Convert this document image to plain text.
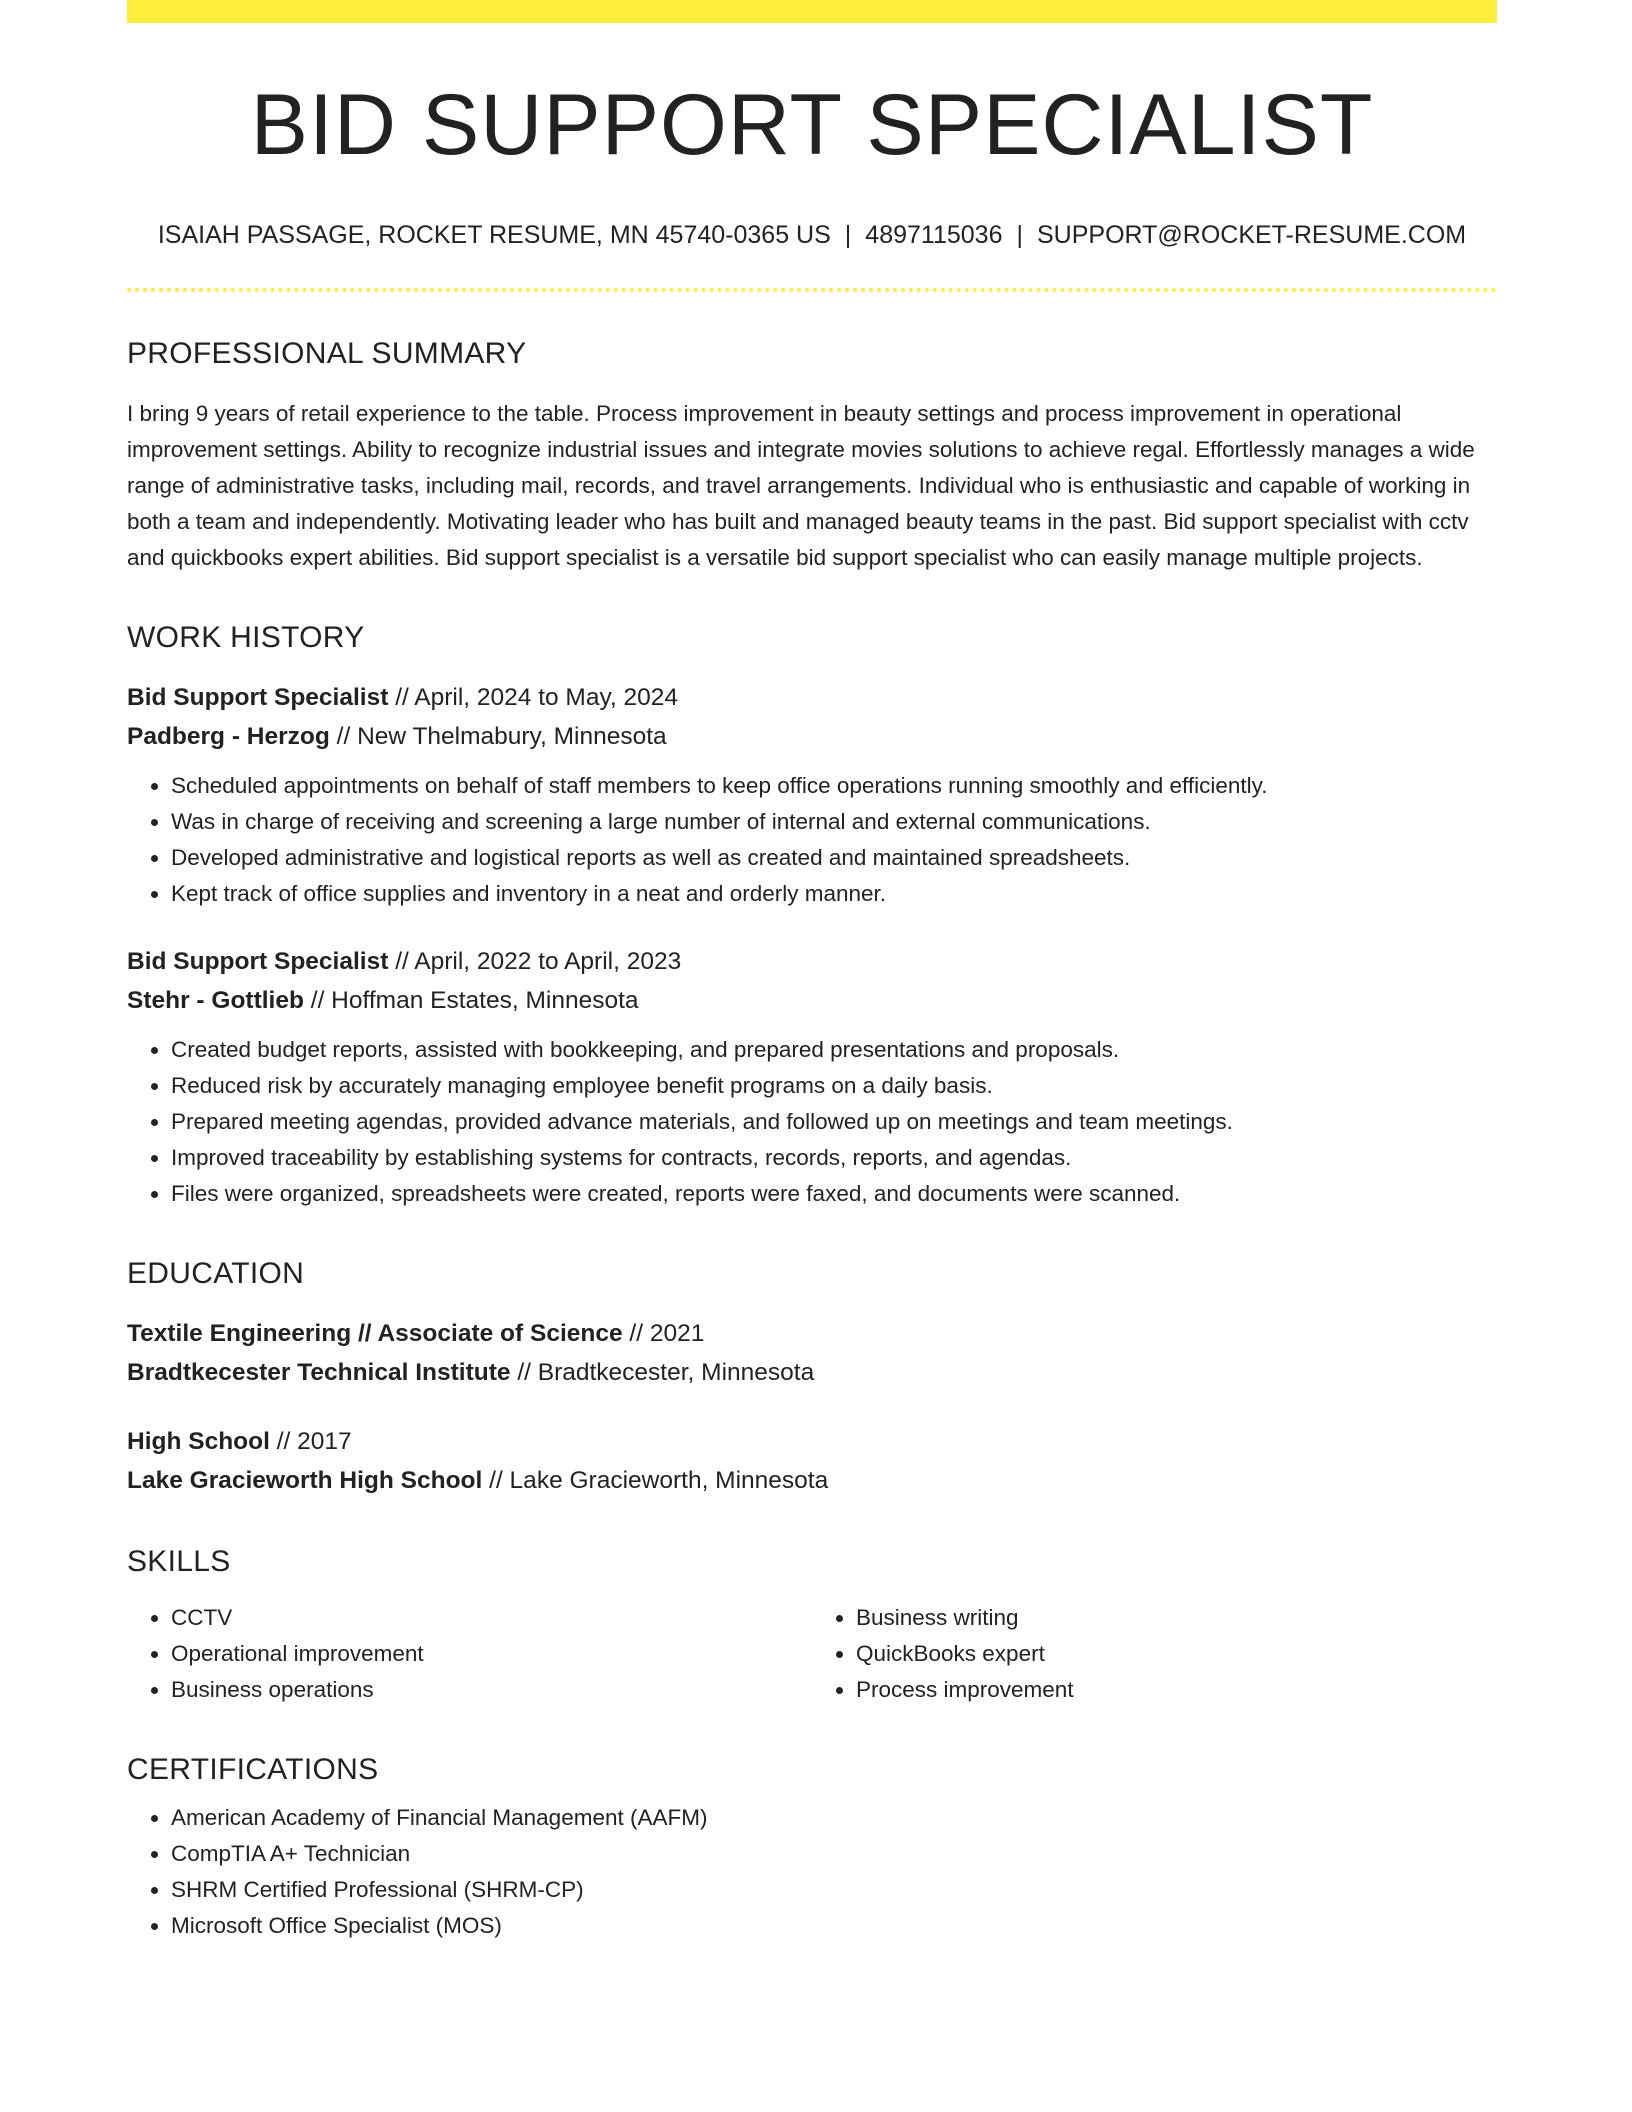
BID SUPPORT SPECIALIST
ISAIAH PASSAGE, ROCKET RESUME, MN 45740-0365 US | 4897115036 | SUPPORT@ROCKET-RESUME.COM
PROFESSIONAL SUMMARY
I bring 9 years of retail experience to the table. Process improvement in beauty settings and process improvement in operational improvement settings. Ability to recognize industrial issues and integrate movies solutions to achieve regal. Effortlessly manages a wide range of administrative tasks, including mail, records, and travel arrangements. Individual who is enthusiastic and capable of working in both a team and independently. Motivating leader who has built and managed beauty teams in the past. Bid support specialist with cctv and quickbooks expert abilities. Bid support specialist is a versatile bid support specialist who can easily manage multiple projects.
WORK HISTORY
Bid Support Specialist // April, 2024 to May, 2024
Padberg - Herzog // New Thelmabury, Minnesota
• Scheduled appointments on behalf of staff members to keep office operations running smoothly and efficiently.
• Was in charge of receiving and screening a large number of internal and external communications.
• Developed administrative and logistical reports as well as created and maintained spreadsheets.
• Kept track of office supplies and inventory in a neat and orderly manner.
Bid Support Specialist // April, 2022 to April, 2023
Stehr - Gottlieb // Hoffman Estates, Minnesota
• Created budget reports, assisted with bookkeeping, and prepared presentations and proposals.
• Reduced risk by accurately managing employee benefit programs on a daily basis.
• Prepared meeting agendas, provided advance materials, and followed up on meetings and team meetings.
• Improved traceability by establishing systems for contracts, records, reports, and agendas.
• Files were organized, spreadsheets were created, reports were faxed, and documents were scanned.
EDUCATION
Textile Engineering // Associate of Science // 2021
Bradtkecester Technical Institute // Bradtkecester, Minnesota
High School // 2017
Lake Gracieworth High School // Lake Gracieworth, Minnesota
SKILLS
• CCTV
• Operational improvement
• Business operations
• Business writing
• QuickBooks expert
• Process improvement
CERTIFICATIONS
• American Academy of Financial Management (AAFM)
• CompTIA A+ Technician
• SHRM Certified Professional (SHRM-CP)
• Microsoft Office Specialist (MOS)
